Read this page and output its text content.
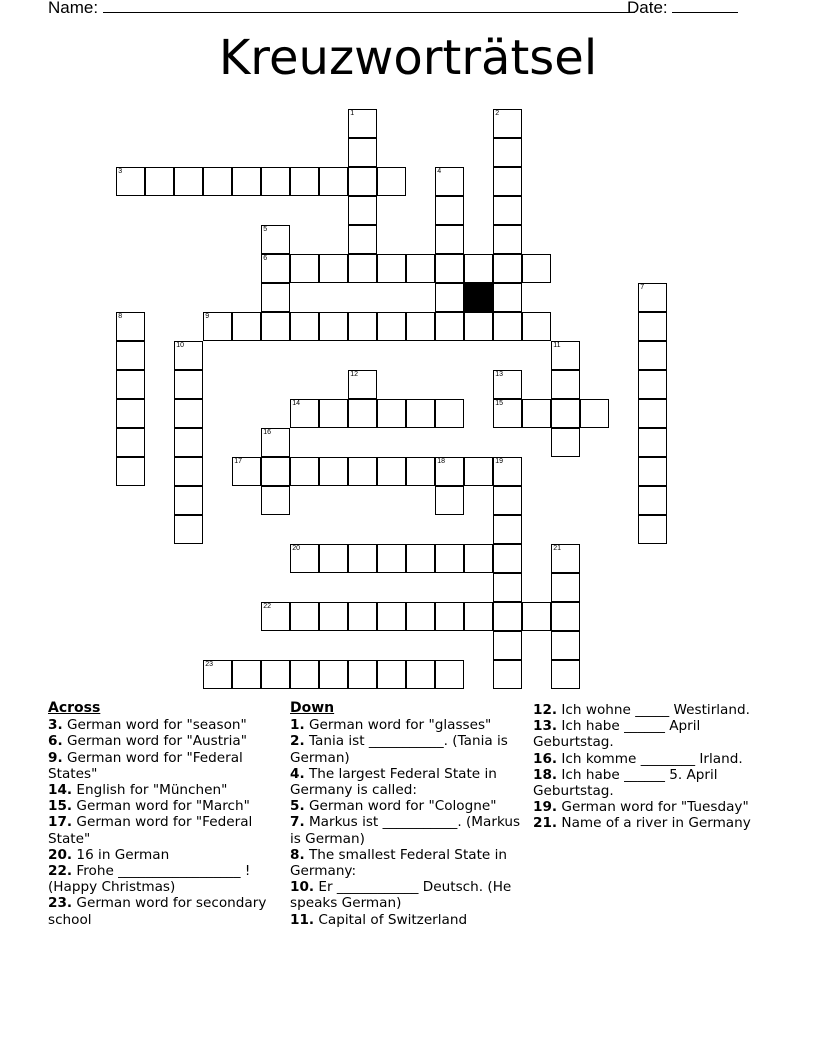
Name:	Date:
Kreuzworträtsel
1	2
3	4
5
6
7
8	9
10	11
12	13
15
14
16
17	18	19
20	21
22
23
Across

3. German word for "season"

6. German word for "Austria"

9. German word for "Federal States"

14. English for "München"

15. German word for "March"

17. German word for "Federal State"

20. 16 in German

22. Frohe __________________ ! (Happy Christmas)

23. German word for secondary school

Down

1. German word for "glasses"

2. Tania ist ___________. (Tania is German)

4. The largest Federal State in Germany is called:

5. German word for "Cologne"

7. Markus ist ___________. (Markus is German)

8. The smallest Federal State in Germany:

10. Er ____________ Deutsch. (He speaks German)

11. Capital of Switzerland

12. Ich wohne _____ Westirland.

13. Ich habe ______ April Geburtstag.

16. Ich komme ________ Irland.

18. Ich habe ______ 5. April Geburtstag.

19. German word for "Tuesday"

21. Name of a river in Germany
